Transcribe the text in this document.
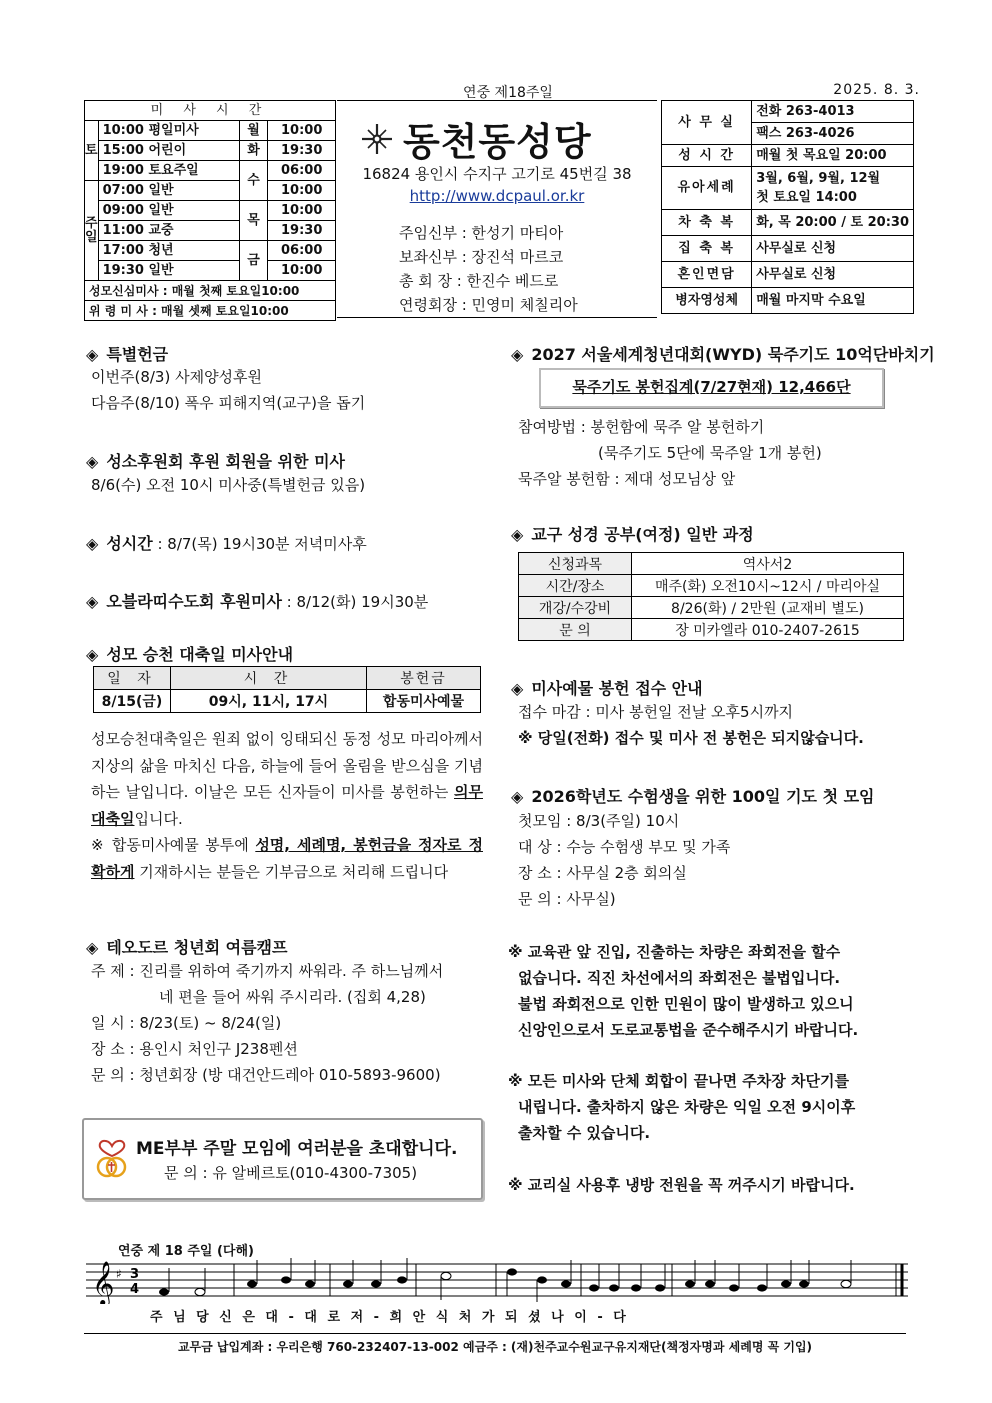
연중 제18주일	2025. 8. 3.
미 사 시 간			
토	10:00 평일미사	월	10:00
	15:00 어린이	화	19:30
	19:00 토요주일	수	06:00
주일	07:00 일반		10:00
	09:00 일반	목	10:00
	11:00 교중		19:30
	17:00 청년	금	06:00
	19:30 일반		10:00
성모신심미사 : 매월 첫째 토요일10:00			
위 령 미 사 : 매월 셋째 토요일10:00			
동천동성당
16824 용인시 수지구 고기로 45번길 38
http://www.dcpaul.or.kr
주임신부 : 한성기 마티아
보좌신부 : 장진석 마르코
총 회 장 : 한진수 베드로
연령회장 : 민영미 체칠리아
사 무 실	전화 263-4013
	팩스 263-4026
성 시 간	매월 첫 목요일 20:00
유아세례	3월, 6월, 9월, 12월
첫 토요일 14:00

차 축 복	화, 목 20:00 / 토 20:30
집 축 복	사무실로 신청
혼인면담	사무실로 신청
병자영성체	매월 마지막 수요일
◈ 특별헌금
이번주(8/3) 사제양성후원
다음주(8/10) 폭우 피해지역(교구)을 돕기
◈ 성소후원회 후원 회원을 위한 미사
8/6(수) 오전 10시 미사중(특별헌금 있음)
◈ 성시간 : 8/7(목) 19시30분 저녁미사후
◈ 오블라띠수도회 후원미사 : 8/12(화) 19시30분
◈ 성모 승천 대축일 미사안내
일 자	시 간	봉헌금
8/15(금)	09시, 11시, 17시	합동미사예물
성모승천대축일은 원죄 없이 잉태되신 동정 성모 마리아께서 지상의 삶을 마치신 다음, 하늘에 들어 올림을 받으심을 기념하는 날입니다. 이날은 모든 신자들이 미사를 봉헌하는 의무 대축일입니다.
※ 합동미사예물 봉투에 성명, 세례명, 봉헌금을 정자로 정확하게 기재하시는 분들은 기부금으로 처리해 드립니다
◈ 테오도르 청년회 여름캠프
주 제 : 진리를 위하여 죽기까지 싸워라. 주 하느님께서
네 편을 들어 싸워 주시리라. (집회 4,28)
일 시 : 8/23(토) ~ 8/24(일)
장 소 : 용인시 처인구 J238펜션
문 의 : 청년회장 (방 대건안드레아 010-5893-9600)
ME부부 주말 모임에 여러분을 초대합니다.
문 의 : 유 알베르토(010-4300-7305)
◈ 2027 서울세계청년대회(WYD) 묵주기도 10억단바치기
묵주기도 봉헌집계(7/27현재) 12,466단
참여방법 : 봉헌함에 묵주 알 봉헌하기
(묵주기도 5단에 묵주알 1개 봉헌)
묵주알 봉헌함 : 제대 성모님상 앞
◈ 교구 성경 공부(여정) 일반 과정
신청과목	역사서2
시간/장소	매주(화) 오전10시~12시 / 마리아실
개강/수강비	8/26(화) / 2만원 (교재비 별도)
문 의	장 미카엘라 010-2407-2615
◈ 미사예물 봉헌 접수 안내
접수 마감 : 미사 봉헌일 전날 오후5시까지
※ 당일(전화) 접수 및 미사 전 봉헌은 되지않습니다.
◈ 2026학년도 수험생을 위한 100일 기도 첫 모임
첫모임 : 8/3(주일) 10시
대 상 : 수능 수험생 부모 및 가족
장 소 : 사무실 2층 회의실
문 의 : 사무실)
※ 교육관 앞 진입, 진출하는 차량은 좌회전을 할수
없습니다. 직진 차선에서의 좌회전은 불법입니다.
불법 좌회전으로 인한 민원이 많이 발생하고 있으니
신앙인으로서 도로교통법을 준수해주시기 바랍니다.
※ 모든 미사와 단체 회합이 끝나면 주차장 차단기를
내립니다. 출차하지 않은 차량은 익일 오전 9시이후
출차할 수 있습니다.
※ 교리실 사용후 냉방 전원을 꼭 꺼주시기 바랍니다.
연중 제 18 주일 (다해)
𝄞 ♯ 3
4
주 님 당 신 은 대 - 대 로 저 - 희 안 식 처 가 되 셨 나 이 - 다
교무금 납입계좌 : 우리은행 760-232407-13-002 예금주 : (재)천주교수원교구유지재단(책정자명과 세례명 꼭 기입)
